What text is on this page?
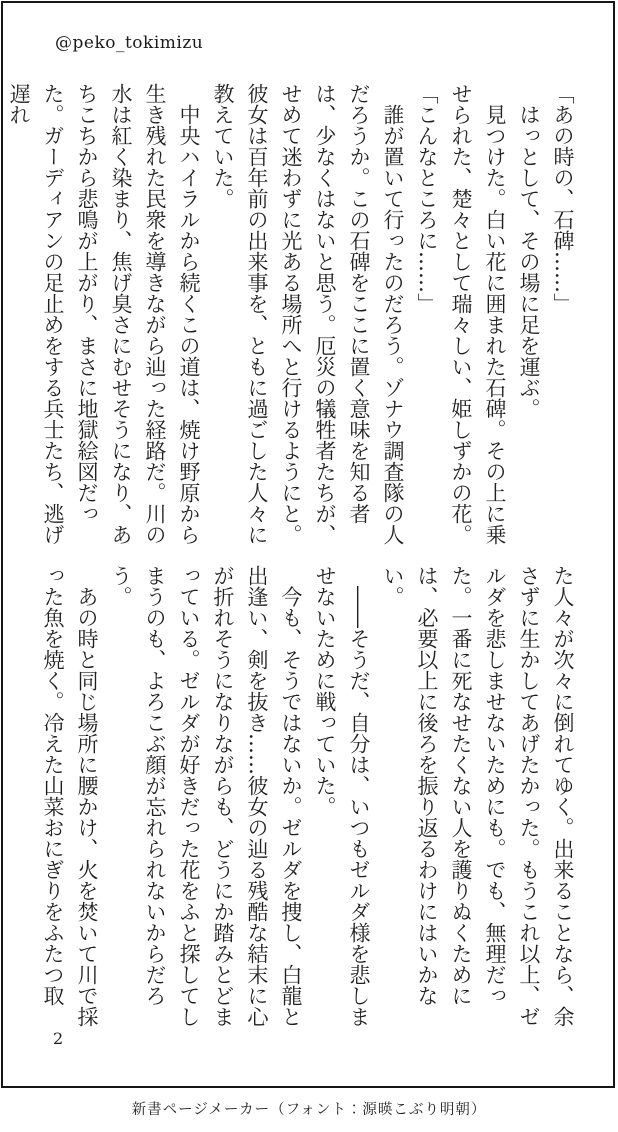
@peko_tokimizu

「あの時の、石碑……」

　はっとして、その場に足を運ぶ。

　見つけた。白い花に囲まれた石碑。その上に乗せられた、楚々として瑞々しい、姫しずかの花。

「こんなところに……」

　誰が置いて行ったのだろう。ゾナウ調査隊の人だろうか。この石碑をここに置く意味を知る者は、少なくはないと思う。厄災の犠牲者たちが、せめて迷わずに光ある場所へと行けるようにと。彼女は百年前の出来事を、ともに過ごした人々に教えていた。

　中央ハイラルから続くこの道は、焼け野原から生き残れた民衆を導きながら辿った経路だ。川の水は紅く染まり、焦げ臭さにむせそうになり、あちこちから悲鳴が上がり、まさに地獄絵図だった。ガーディアンの足止めをする兵士たち、逃げ遅れ

た人々が次々に倒れてゆく。出来ることなら、余さずに生かしてあげたかった。もうこれ以上、ゼルダを悲しませないためにも。でも、無理だった。一番に死なせたくない人を護りぬくためには、必要以上に後ろを振り返るわけにはいかない。

　――そうだ、自分は、いつもゼルダ様を悲しませないために戦っていた。

　今も、そうではないか。ゼルダを捜し、白龍と出逢い、剣を抜き……彼女の辿る残酷な結末に心が折れそうになりながらも、どうにか踏みとどまっている。ゼルダが好きだった花をふと探してしまうのも、よろこぶ顔が忘れられないからだろう。

　あの時と同じ場所に腰かけ、火を焚いて川で採った魚を焼く。冷えた山菜おにぎりをふたつ取

2
新書ページメーカー（フォント：源暎こぶり明朝）
